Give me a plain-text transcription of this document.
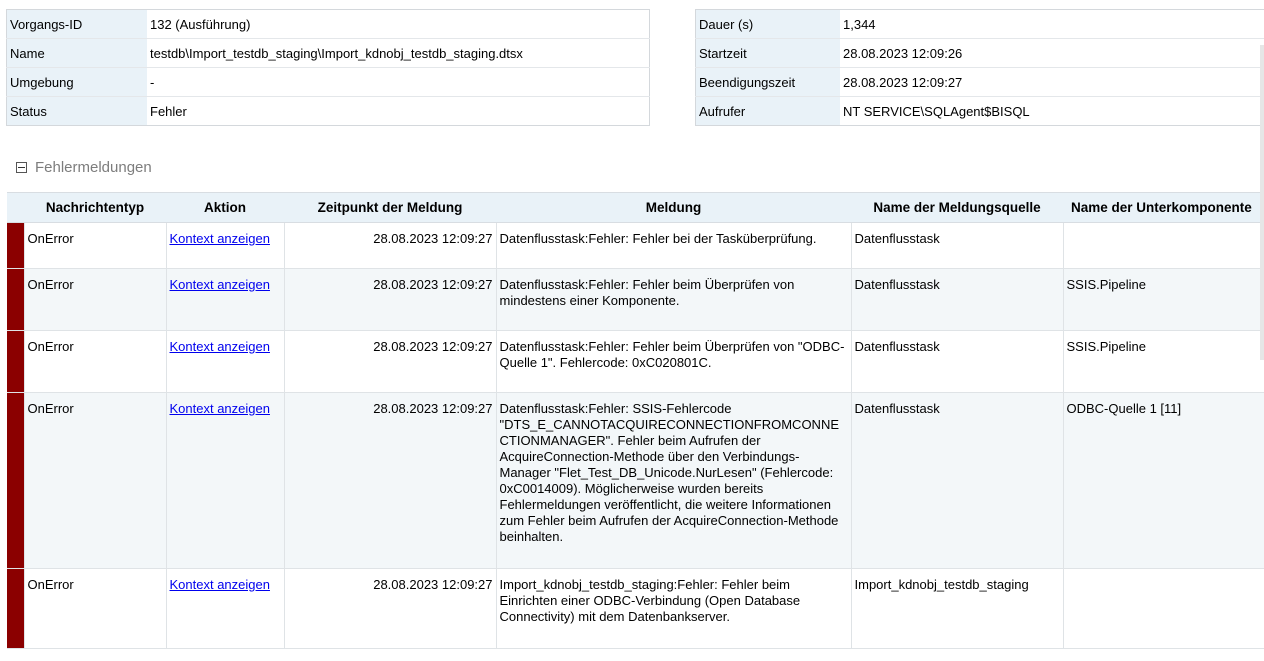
Vorgangs-ID	132 (Ausführung)
Name	testdb\Import_testdb_staging\Import_kdnobj_testdb_staging.dtsx
Umgebung	-
Status	Fehler
Dauer (s)	1,344
Startzeit	28.08.2023 12:09:26
Beendigungszeit	28.08.2023 12:09:27
Aufrufer	NT SERVICE\SQLAgent$BISQL
Fehlermeldungen
	Nachrichtentyp	Aktion	Zeitpunkt der Meldung	Meldung	Name der Meldungsquelle	Name der Unterkomponente
	OnError	Kontext anzeigen	28.08.2023 12:09:27	Datenflusstask:Fehler: Fehler bei der Tasküberprüfung.	Datenflusstask	
	OnError	Kontext anzeigen	28.08.2023 12:09:27	Datenflusstask:Fehler: Fehler beim Überprüfen von mindestens einer Komponente.	Datenflusstask	SSIS.Pipeline
	OnError	Kontext anzeigen	28.08.2023 12:09:27	Datenflusstask:Fehler: Fehler beim Überprüfen von "ODBC-Quelle 1". Fehlercode: 0xC020801C.	Datenflusstask	SSIS.Pipeline
	OnError	Kontext anzeigen	28.08.2023 12:09:27	Datenflusstask:Fehler: SSIS-Fehlercode "DTS_E_CANNOTACQUIRECONNECTIONFROMCONNECTIONMANAGER". Fehler beim Aufrufen der AcquireConnection-Methode über den Verbindungs-Manager "Flet_Test_DB_Unicode.NurLesen" (Fehlercode: 0xC0014009). Möglicherweise wurden bereits Fehlermeldungen veröffentlicht, die weitere Informationen zum Fehler beim Aufrufen der AcquireConnection-Methode beinhalten.	Datenflusstask	ODBC-Quelle 1 [11]
	OnError	Kontext anzeigen	28.08.2023 12:09:27	Import_kdnobj_testdb_staging:Fehler: Fehler beim Einrichten einer ODBC-Verbindung (Open Database Connectivity) mit dem Datenbankserver.	Import_kdnobj_testdb_staging	
